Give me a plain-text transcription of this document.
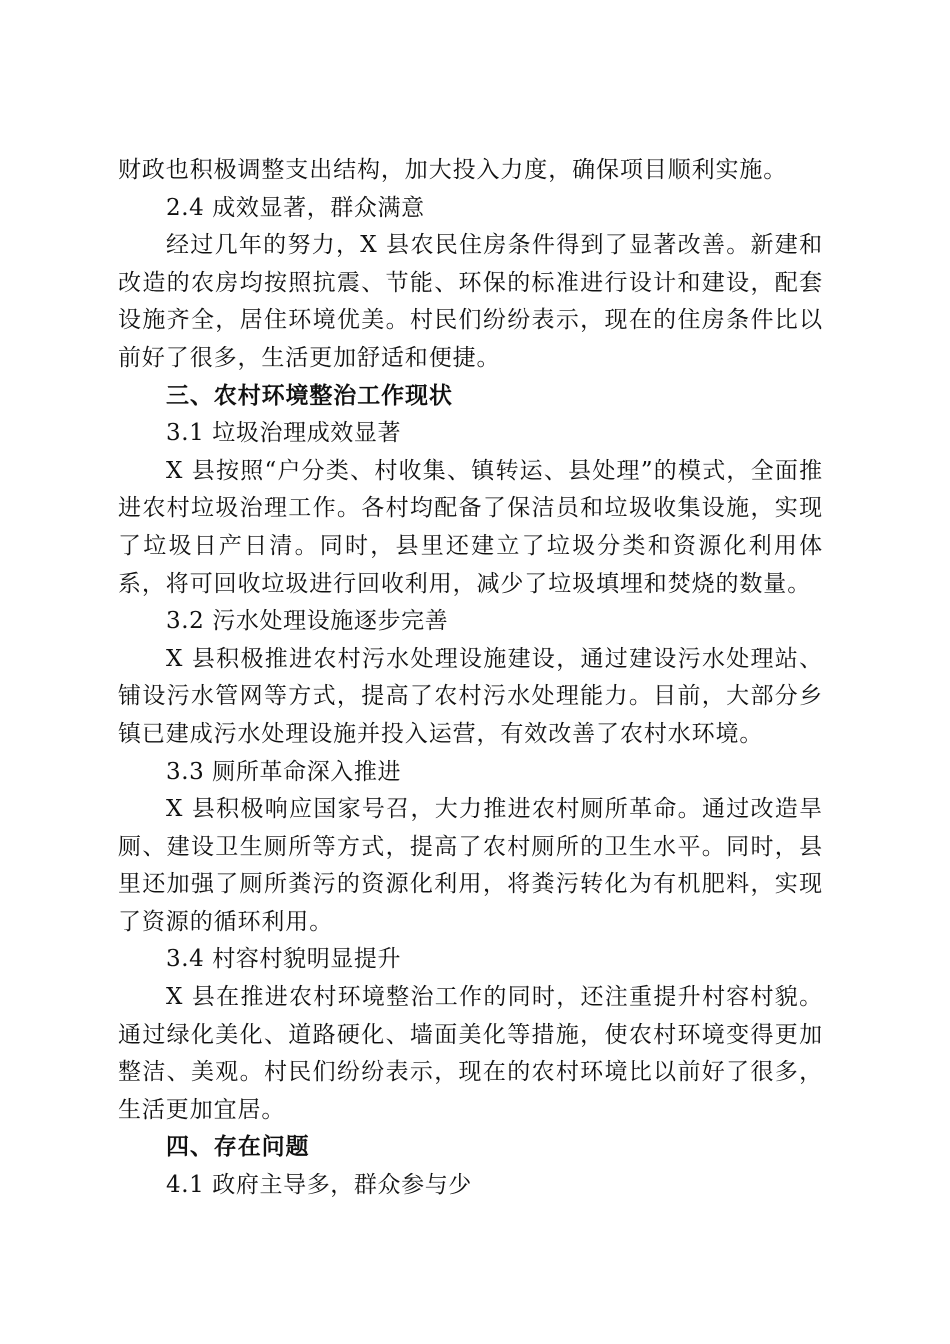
财政也积极调整支出结构，加大投入力度，确保项目顺利实施。

2.4 成效显著，群众满意

经过几年的努力，X 县农民住房条件得到了显著改善。新建和改造的农房均按照抗震、节能、环保的标准进行设计和建设，配套设施齐全，居住环境优美。村民们纷纷表示，现在的住房条件比以前好了很多，生活更加舒适和便捷。

三、农村环境整治工作现状

3.1 垃圾治理成效显著

X 县按照“户分类、村收集、镇转运、县处理”的模式，全面推进农村垃圾治理工作。各村均配备了保洁员和垃圾收集设施，实现了垃圾日产日清。同时，县里还建立了垃圾分类和资源化利用体系，将可回收垃圾进行回收利用，减少了垃圾填埋和焚烧的数量。

3.2 污水处理设施逐步完善

X 县积极推进农村污水处理设施建设，通过建设污水处理站、铺设污水管网等方式，提高了农村污水处理能力。目前，大部分乡镇已建成污水处理设施并投入运营，有效改善了农村水环境。

3.3 厕所革命深入推进

X 县积极响应国家号召，大力推进农村厕所革命。通过改造旱厕、建设卫生厕所等方式，提高了农村厕所的卫生水平。同时，县里还加强了厕所粪污的资源化利用，将粪污转化为有机肥料，实现了资源的循环利用。

3.4 村容村貌明显提升

X 县在推进农村环境整治工作的同时，还注重提升村容村貌。通过绿化美化、道路硬化、墙面美化等措施，使农村环境变得更加整洁、美观。村民们纷纷表示，现在的农村环境比以前好了很多，生活更加宜居。

四、存在问题

4.1 政府主导多，群众参与少
